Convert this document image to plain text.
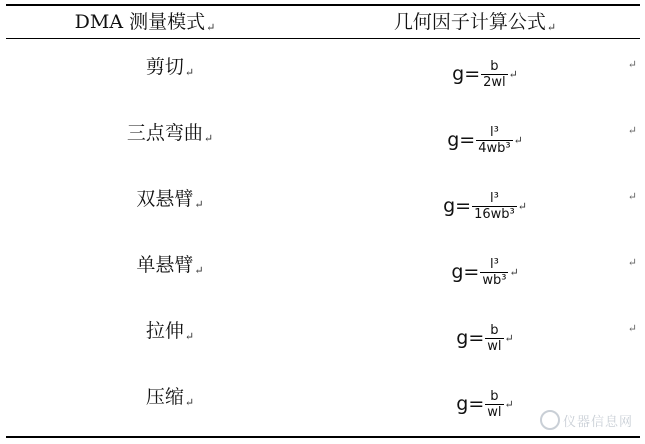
DMA 测量模式↵	几何因子计算公式↵
剪切↵	$g= \frac{b}{2wl}$ ↵
三点弯曲↵	$g= \frac{\text{l³}}{\text{4wb³}}$ ↵
双悬臂↵	$g= \frac{\text{l³}}{\text{16wb³}}$ ↵
单悬臂↵	$g= \frac{\text{l³}}{\text{wb³}}$ ↵
拉伸↵	$g= \frac{b}{wl}$ ↵
压缩↵	$g= \frac{b}{wl}$ ↵
↵
↵
↵
↵
↵
仪器信息网
